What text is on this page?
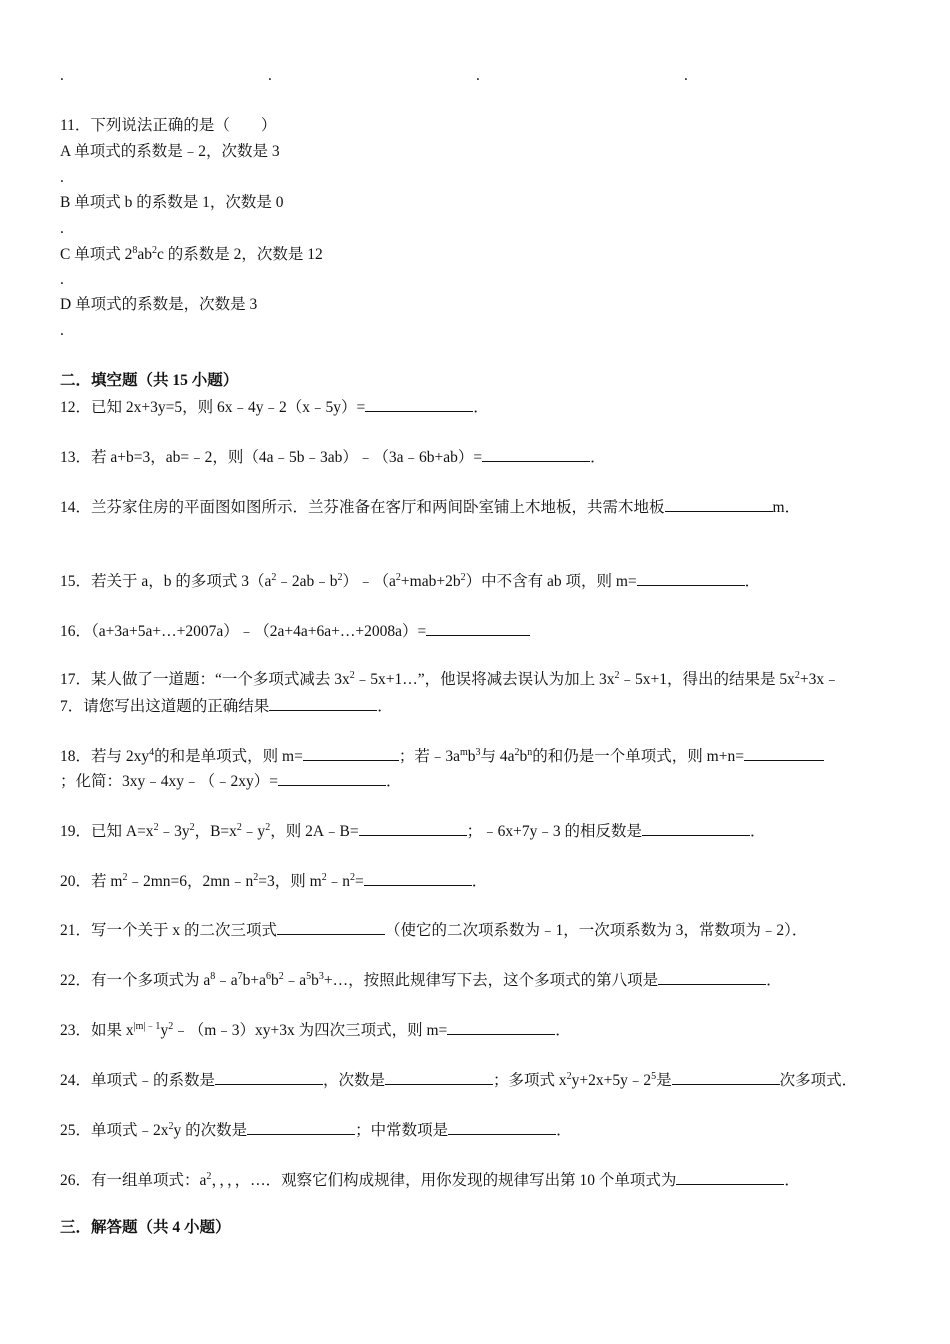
.	.	.	.
11．下列说法正确的是（　　）
A 单项式的系数是﹣2，次数是 3
.
B 单项式 b 的系数是 1，次数是 0
.
C 单项式 $2^8ab^2c$ 的系数是 2，次数是 12
.
D 单项式的系数是，次数是 3
.
二．填空题（共 15 小题）
12．已知 2x+3y=5，则 6x﹣4y﹣2（x﹣5y）=	．
13．若 a+b=3，ab=﹣2，则（4a﹣5b﹣3ab）﹣（3a﹣6b+ab）=	．
14．兰芬家住房的平面图如图所示．兰芬准备在客厅和两间卧室铺上木地板，共需木地板	m．
15．若关于 a，b 的多项式 $3(a^2﹣2ab﹣b^2)﹣(a^2+mab+2b^2)$中不含有 ab 项，则 m=	．
16．（a+3a+5a+…+2007a）﹣（2a+4a+6a+…+2008a）=
17．某人做了一道题：“一个多项式减去 $3x^2﹣5x+1\dots$”，他误将减去误认为加上 $3x^2﹣5x+1$，得出的结果是 $5x^2+3x﹣$
7．请您写出这道题的正确结果	．
18．若与 $2xy^4$的和是单项式，则 m=	；若$﹣3a^mb^3$与 $4a^2b^n$的和仍是一个单项式，则 m+n=
；化简：3xy﹣4xy﹣（﹣2xy）=	．
19．已知 $A=x^2﹣3y^2$，$B=x^2﹣y^2$，则 2A﹣B=	；﹣6x+7y﹣3 的相反数是	．
20．若 $m^2﹣2mn=6$，$2mn﹣n^2=3$，则 $m^2﹣n^2=$	．
21．写一个关于 x 的二次三项式	（使它的二次项系数为﹣1，一次项系数为 3，常数项为﹣2）．
22．有一个多项式为 $a^8﹣a^7b+a^6b^2﹣a^5b^3+\dots$，按照此规律写下去，这个多项式的第八项是	．
23．如果 $x^{|m|﹣1}y^2﹣(m﹣3)xy+3x$ 为四次三项式，则 m=	．
24．单项式﹣的系数是	，次数是	；多项式 $x^2y+2x+5y﹣2^5$是	次多项式．
25．单项式$﹣2x^2y$ 的次数是	；中常数项是	．
26．有一组单项式：$a^2$，，，，…．观察它们构成规律，用你发现的规律写出第 10 个单项式为	．
三．解答题（共 4 小题）
